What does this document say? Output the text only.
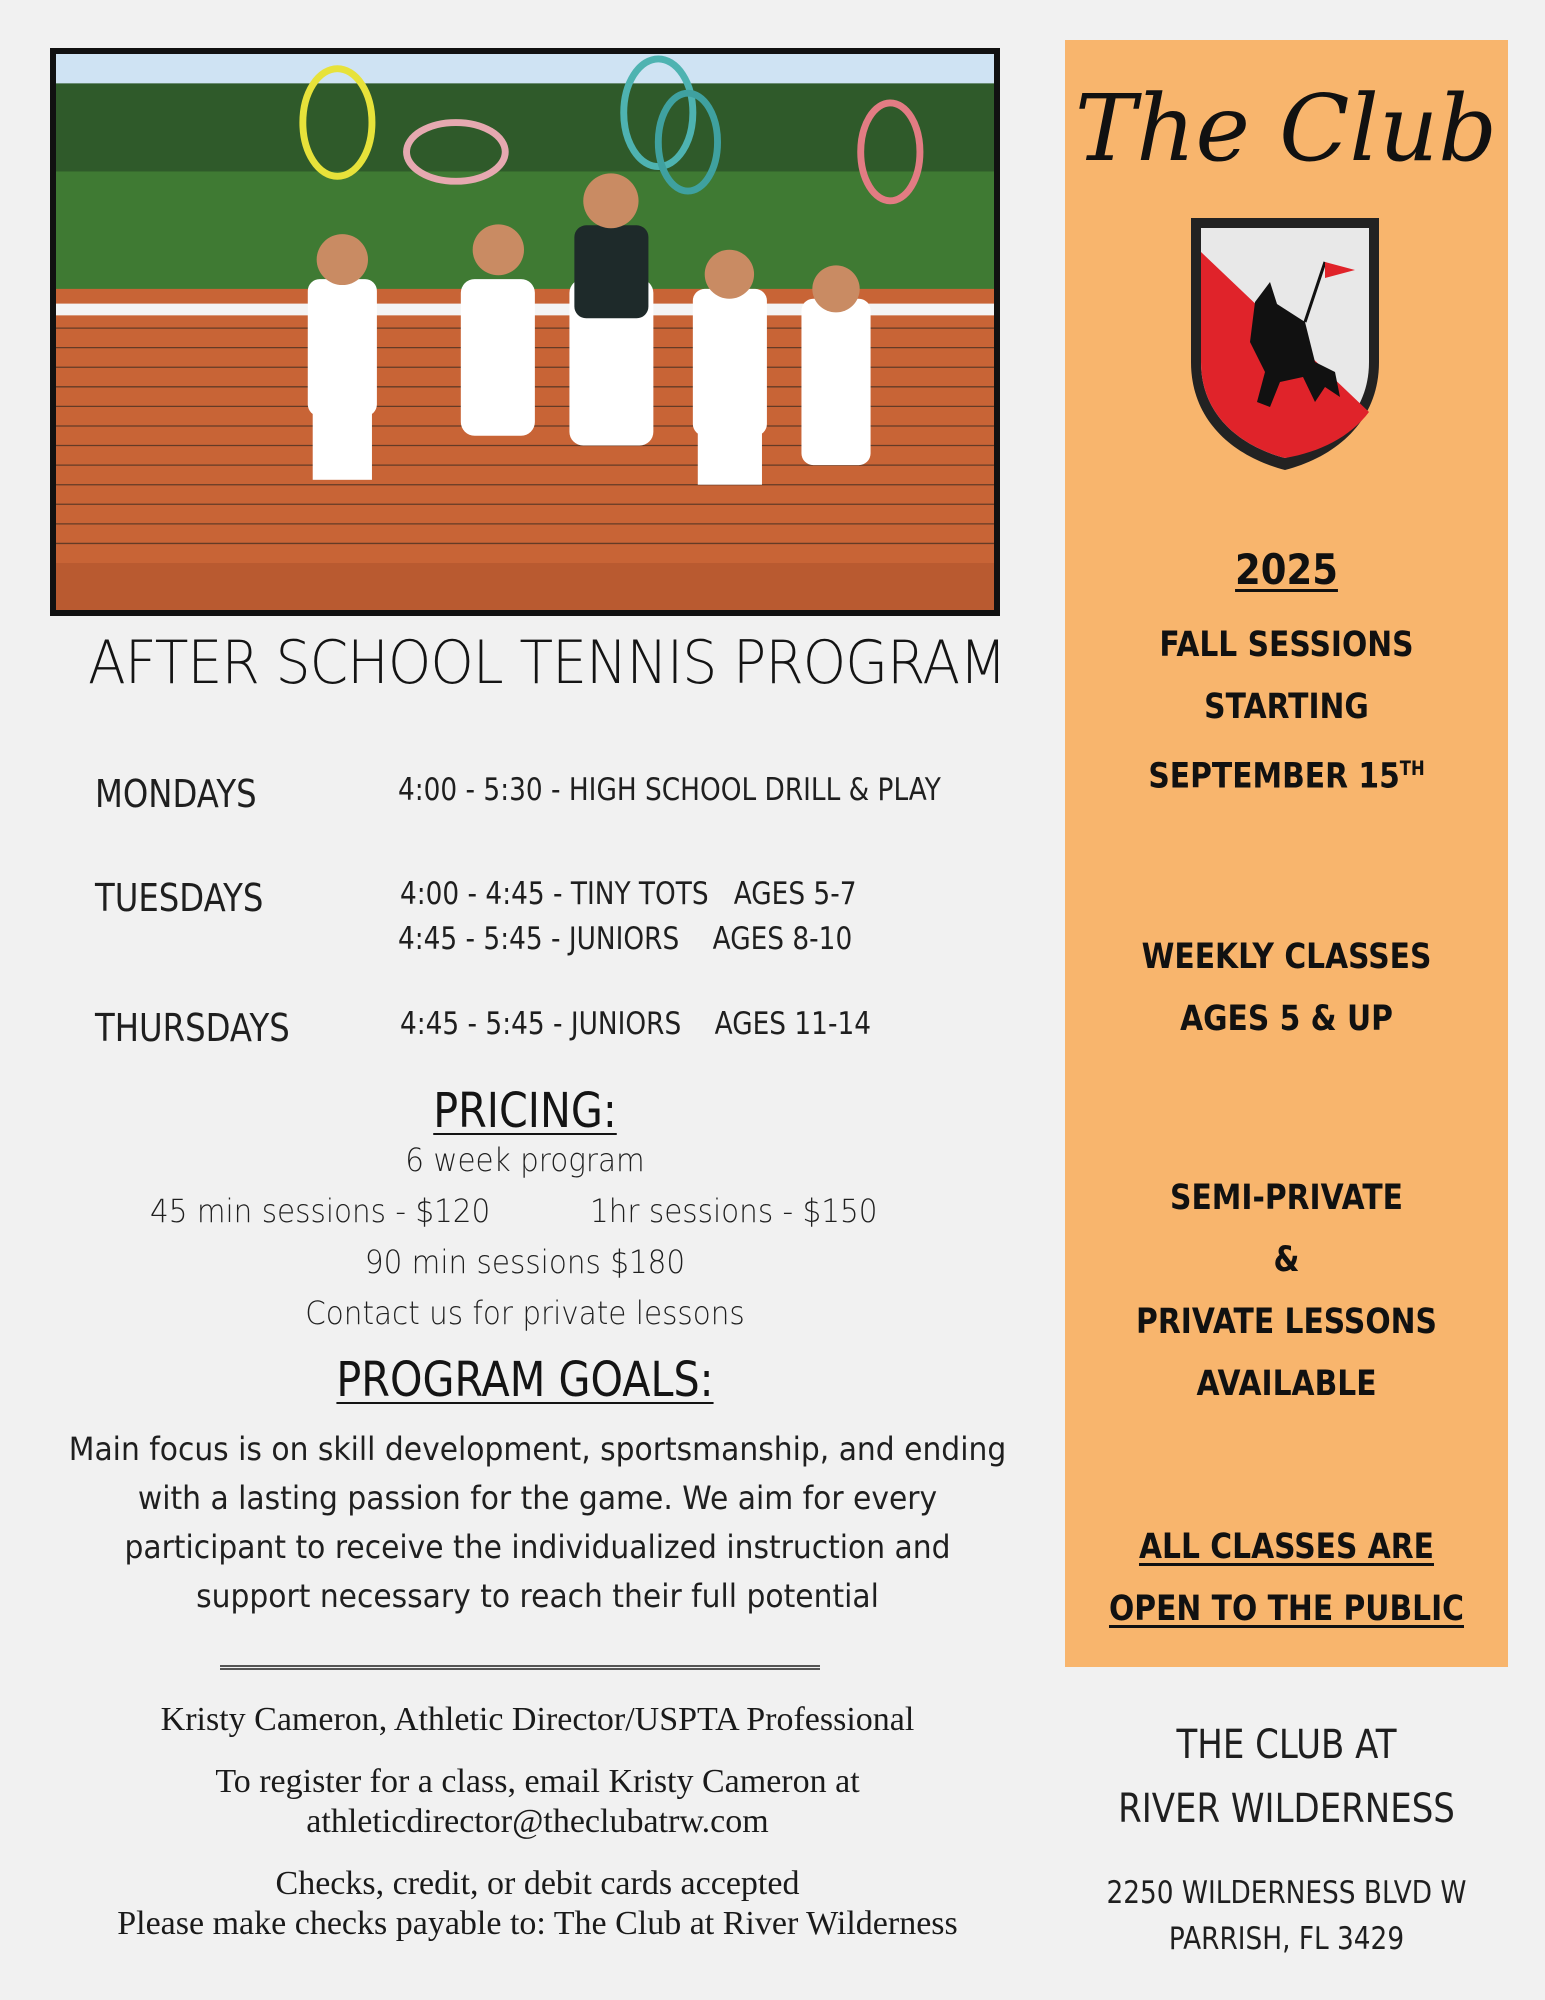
AFTER SCHOOL TENNIS PROGRAM
MONDAYS	4:00 - 5:30 - HIGH SCHOOL DRILL & PLAY
TUESDAYS	4:00 - 4:45 - TINY TOTS   AGES 5-7
4:45 - 5:45 - JUNIORS    AGES 8-10
THURSDAYS	4:45 - 5:45 - JUNIORS    AGES 11-14
PRICING:
6 week program
45 min sessions - $120	1hr sessions - $150
90 min sessions $180
Contact us for private lessons
PROGRAM GOALS:
Main focus is on skill development, sportsmanship, and ending with a lasting passion for the game. We aim for every participant to receive the individualized instruction and support necessary to reach their full potential
Kristy Cameron, Athletic Director/USPTA Professional
To register for a class, email Kristy Cameron at
athleticdirector@theclubatrw.com
Checks, credit, or debit cards accepted
Please make checks payable to: The Club at River Wilderness
The Club
2025
FALL SESSIONS
STARTING
SEPTEMBER 15TH
WEEKLY CLASSES
AGES 5 & UP
SEMI-PRIVATE
&
PRIVATE LESSONS
AVAILABLE
ALL CLASSES ARE
OPEN TO THE PUBLIC
THE CLUB AT
RIVER WILDERNESS
2250 WILDERNESS BLVD W
PARRISH, FL 3429
